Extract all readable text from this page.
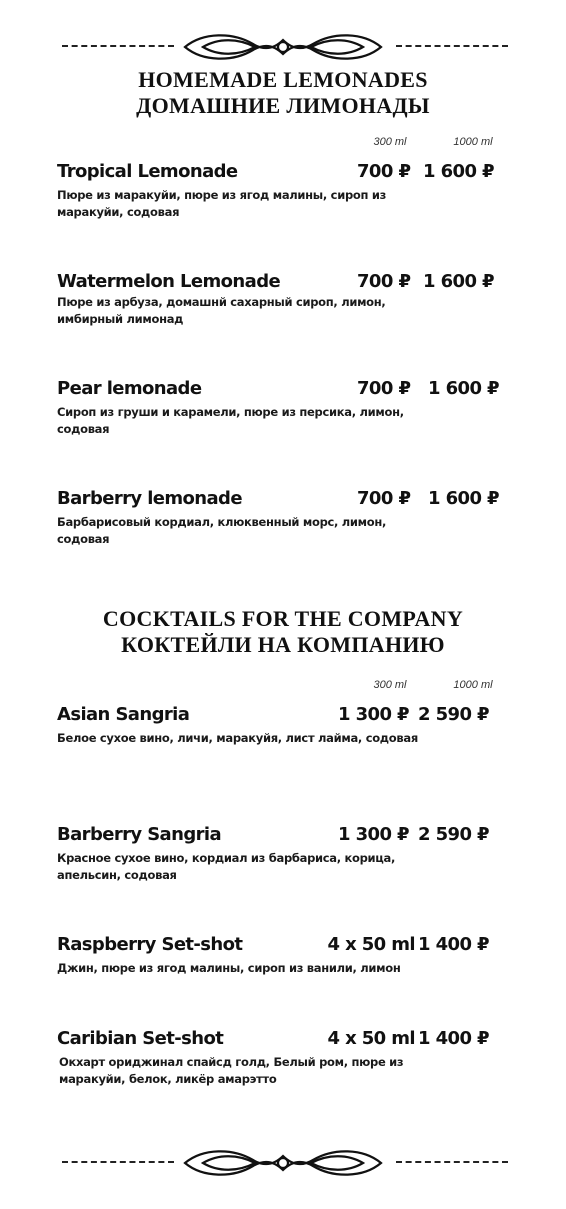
HOMEMADE LEMONADES
ДОМАШНИЕ ЛИМОНАДЫ
300 ml	1000 ml
Tropical Lemonade	700 ₽ 1 600 ₽
Пюре из маракуйи, пюре из ягод малины, сироп из маракуйи, содовая
Watermelon Lemonade	700 ₽ 1 600 ₽
Пюре из арбуза, домашнй сахарный сироп, лимон, имбирный лимонад
Pear lemonade	700 ₽ 1 600 ₽
Сироп из груши и карамели, пюре из персика, лимон, содовая
Barberry lemonade	700 ₽ 1 600 ₽
Барбарисовый кордиал, клюквенный морс, лимон, содовая
COCKTAILS FOR THE COMPANY
КОКТЕЙЛИ НА КОМПАНИЮ
300 ml	1000 ml
Asian Sangria	1 300 ₽ 2 590 ₽
Белое сухое вино, личи, маракуйя, лист лайма, содовая
Barberry Sangria	1 300 ₽ 2 590 ₽
Красное сухое вино, кордиал из барбариса, корица, апельсин, содовая
Raspberry Set-shot	4 x 50 ml 1 400 ₽
Джин, пюре из ягод малины, сироп из ванили, лимон
Caribian Set-shot	4 x 50 ml 1 400 ₽
Окхарт ориджинал спайсд голд, Белый ром, пюре из маракуйи, белок, ликёр амарэтто
